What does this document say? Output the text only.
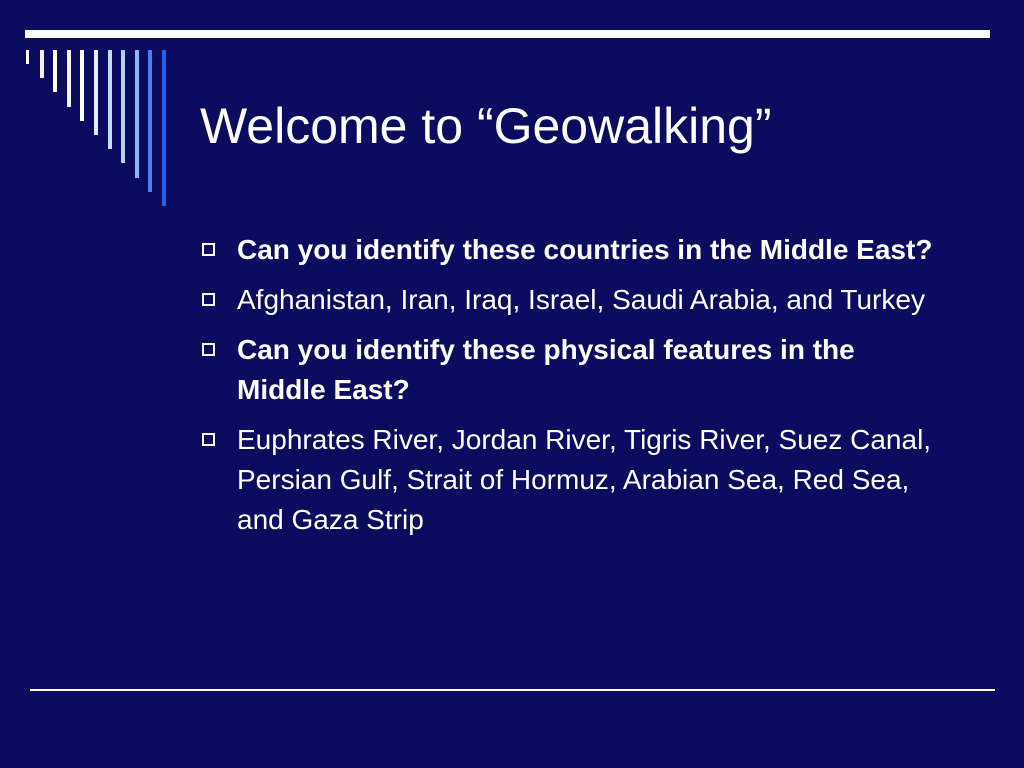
Welcome to “Geowalking”
Can you identify these countries in the Middle East?
Afghanistan, Iran, Iraq, Israel, Saudi Arabia, and Turkey
Can you identify these physical features in the Middle East?
Euphrates River, Jordan River, Tigris River, Suez Canal, Persian Gulf, Strait of Hormuz, Arabian Sea, Red Sea, and Gaza Strip
